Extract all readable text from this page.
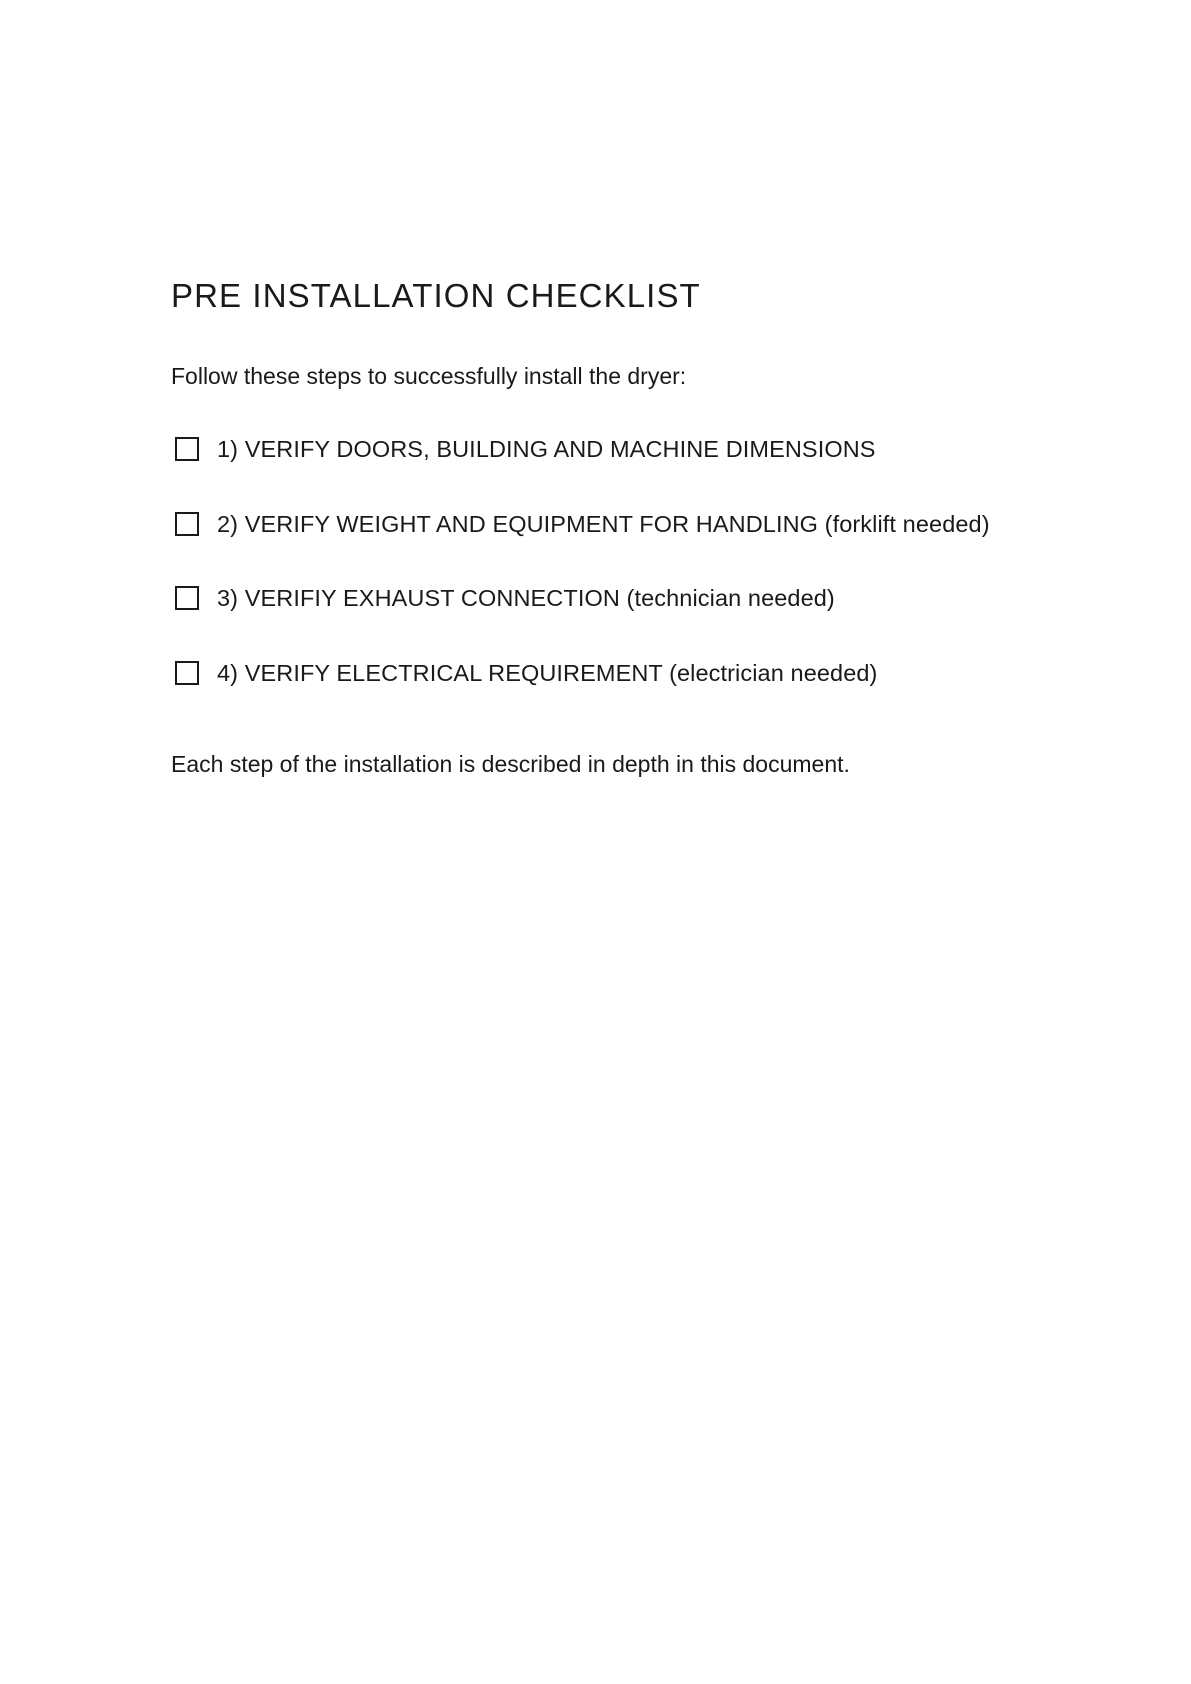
PRE INSTALLATION CHECKLIST

Follow these steps to successfully install the dryer:

1) VERIFY DOORS, BUILDING AND MACHINE DIMENSIONS
2) VERIFY WEIGHT AND EQUIPMENT FOR HANDLING (forklift needed)
3) VERIFIY EXHAUST CONNECTION (technician needed)
4) VERIFY ELECTRICAL REQUIREMENT (electrician needed)

Each step of the installation is described in depth in this document.
